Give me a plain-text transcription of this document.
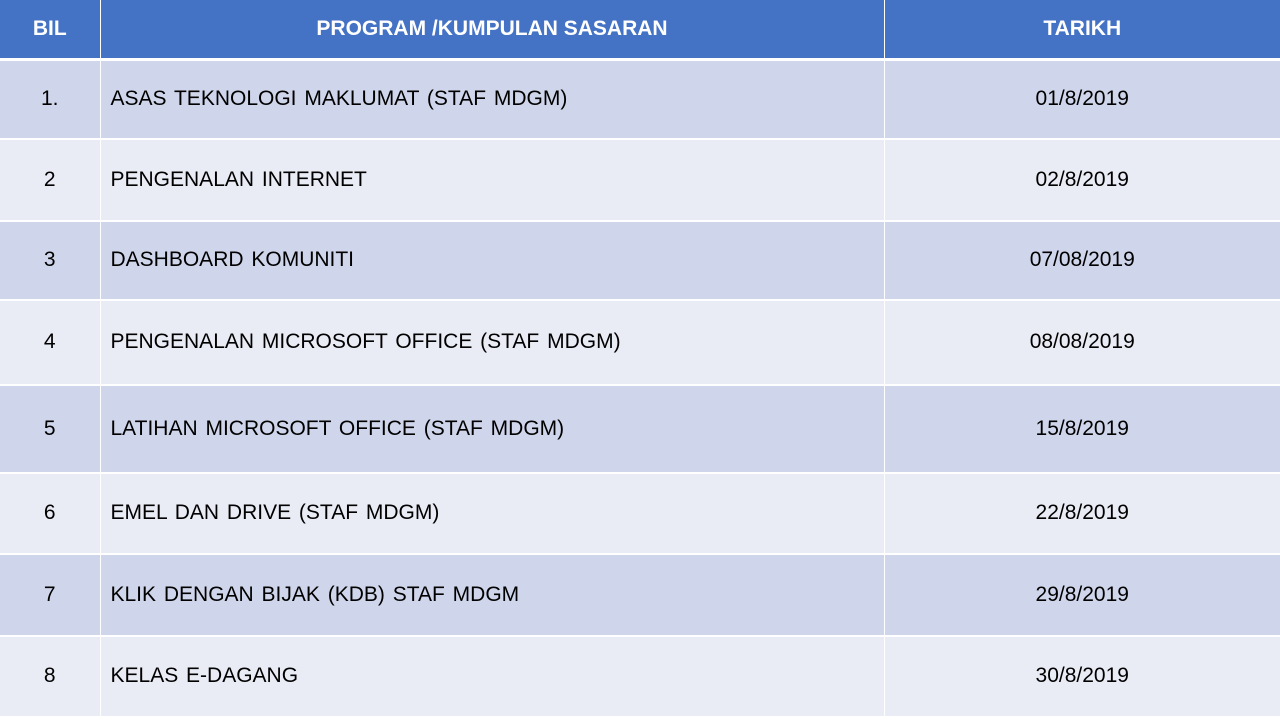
BIL	PROGRAM /KUMPULAN SASARAN	TARIKH
1.	ASAS TEKNOLOGI MAKLUMAT (STAF MDGM)	01/8/2019
2	PENGENALAN INTERNET	02/8/2019
3	DASHBOARD KOMUNITI	07/08/2019
4	PENGENALAN MICROSOFT OFFICE (STAF MDGM)	08/08/2019
5	LATIHAN MICROSOFT OFFICE (STAF MDGM)	15/8/2019
6	EMEL DAN DRIVE (STAF MDGM)	22/8/2019
7	KLIK DENGAN BIJAK (KDB) STAF MDGM	29/8/2019
8	KELAS E-DAGANG	30/8/2019
